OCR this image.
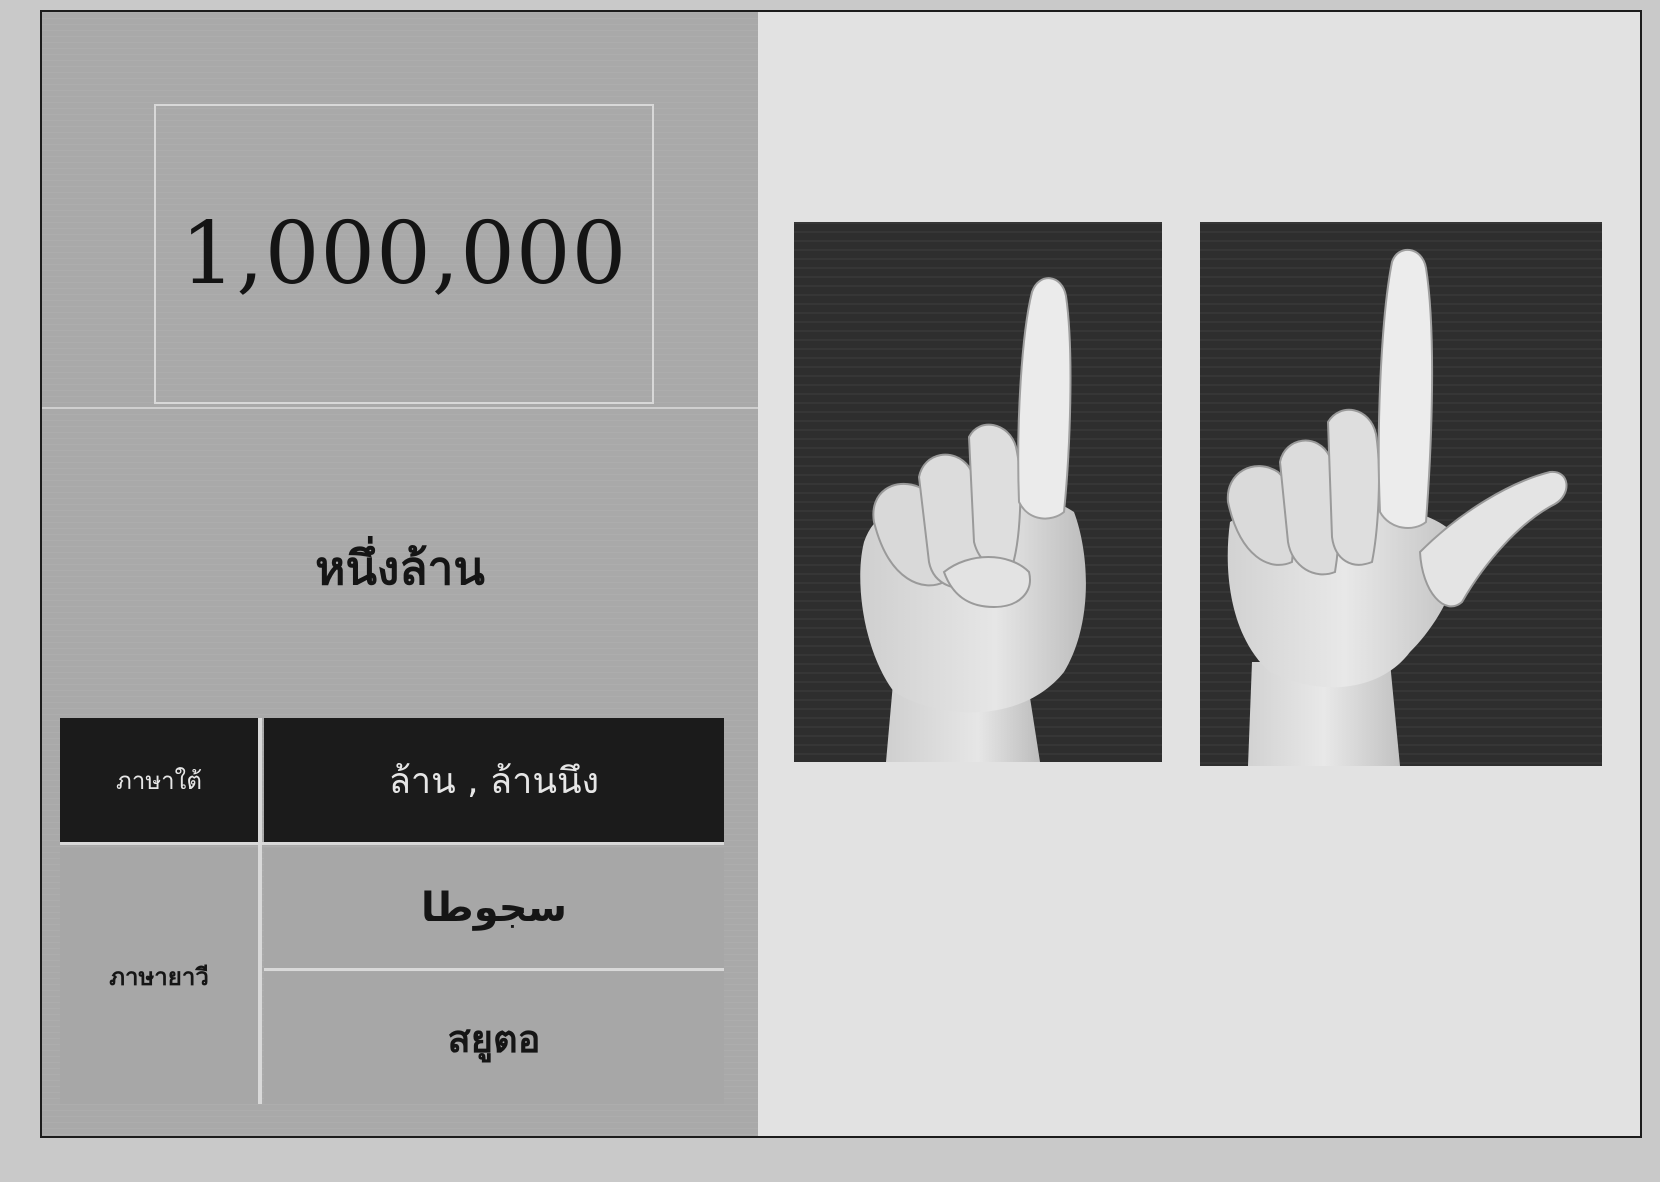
1,000,000
หนึ่งล้าน
ภาษาใต้	ล้าน , ล้านนึง
ภาษายาวี
سجوطا
สยูตอ
